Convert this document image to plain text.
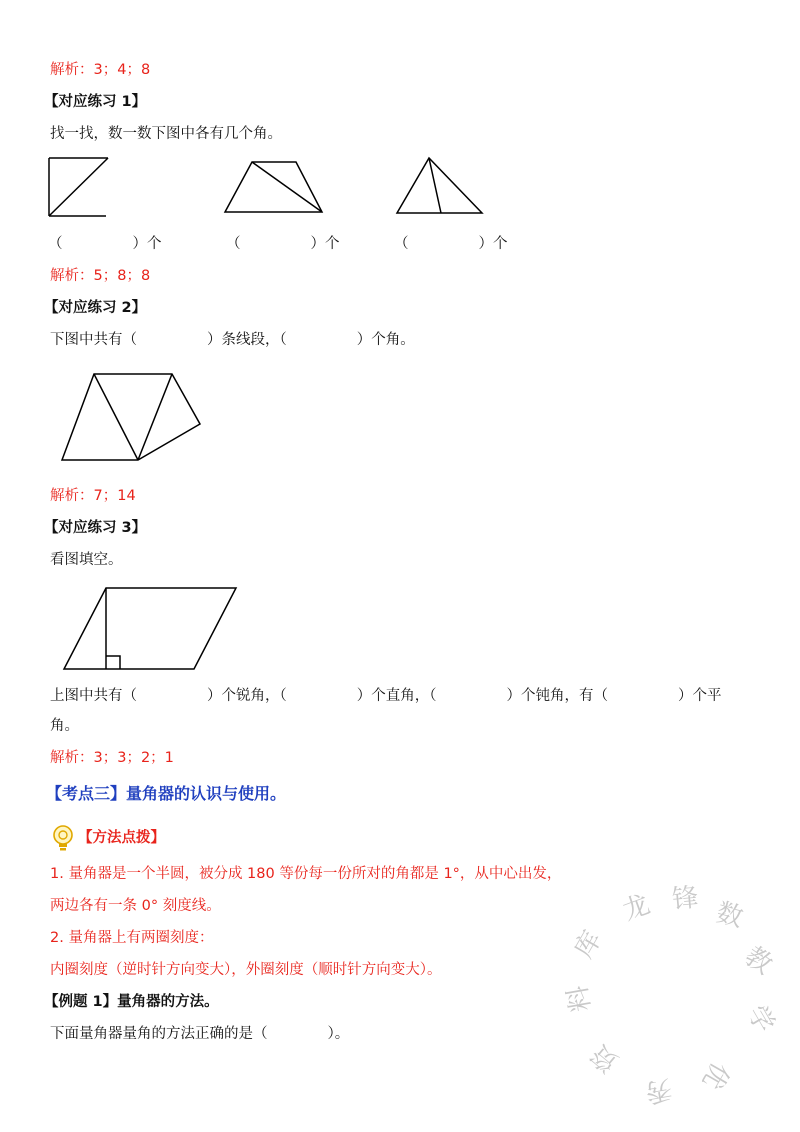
解析：3；4；8
【对应练习 1】
找一找，数一数下图中各有几个角。
（	）个	（	）个	（	）个
解析：5；8；8
【对应练习 2】
下图中共有（	）条线段，（	）个角。
解析：7；14
【对应练习 3】
看图填空。
上图中共有（	）个锐角，（	）个直角，（	）个钝角，有（	）个平
角。
解析：3；3；2；1
【考点三】量角器的认识与使用。
【方法点拨】
1. 量角器是一个半圆，被分成 180 等份每一份所对的角都是 1°，从中心出发，
两边各有一条 0° 刻度线。
2. 量角器上有两圈刻度：
内圈刻度（逆时针方向变大），外圈刻度（顺时针方向变大）。
【例题 1】量角器的方法。
下面量角器量角的方法正确的是（	）。
龙 锋 数
教
学
优
秀
资
料
库
